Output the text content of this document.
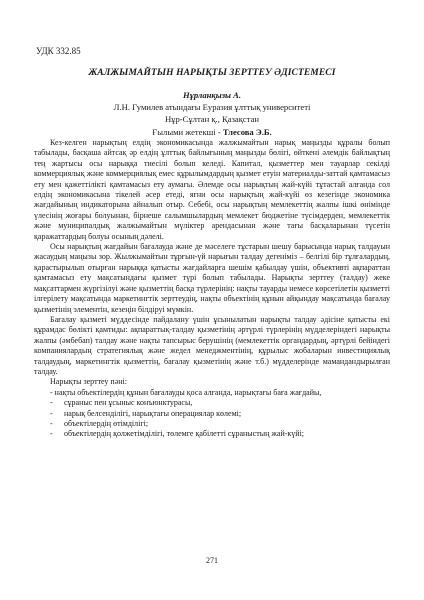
УДК 332.85
ЖАЛЖЫМАЙТЫН НАРЫҚТЫ ЗЕРТТЕУ ӘДІСТЕМЕСІ
Нұрланқызы А.
Л.Н. Гумилев атындағы Еуразия ұлттық университеті
Нұр-Сұлтан қ., Қазақстан
Ғылыми жетекші - Тлесова Э.Б.

Кез-келген нарықтың елдің экономикасында жалжымайтын нарық маңызды құралы болып табылады, басқаша айтсақ әр елдің ұлттық байлығының маңызды бөлігі, өйткені әлемдік байлықтың тең жартысы осы нарыққа тиесілі болып келеді. Капитал, қызметтер мен тауарлар секілді коммерциялық және коммерциялық емес құрылымдардың қызмет етуін материалды-заттай қамтамасыз ету мен қажеттілікті қамтамасыз ету аумағы. Әлемде осы нарықтың жай-күйі тұтастай алғанда сол елдің экономикасына тікелей әсер етеді, яғни осы нарықтың жай-күйі өз кезегінде экономика жағдайының индикаторына айналып отыр. Себебі, осы нарықтың мемлекеттің жалпы ішкі өнімінде үлесінің жоғары болуынан, бірнеше салымшылардың мемлекет бюджетіне түсімдерден, мемлекеттік және муниципалдық жалжымайтын мүліктер арендасынан және тағы басқаларынан түсетін қаражаттардың болуы осының дәлелі.

Осы нарықтың жағдайын бағалауда және де мәселеге тұстарын шешу барысында нарық талдауын жасаудың маңызы зор. Жылжымайтын тұрғын-үй нарығын талдау дегеніміз – белгілі бір тұлғалардың, қарастырылып отырған нарыққа қатысты жағдайларға шешім қабылдау үшін, объективті ақпараттан қамтамасыз ету мақсатындағы қызмет түрі болып табылады. Нарықты зерттеу (талдау) жеке мақсаттармен жүргізілуі және қызметтің басқа түрлерінің: нақты тауарды немесе көрсетілетін қызметті ілгерілету мақсатында маркетингтік зерттеудің, нақты объектінің құнын айқындау мақсатында бағалау қызметінің элементін, кезеңін білдіруі мүмкін.

Бағалау қызметі мүддесінде пайдалану үшін ұсынылатын нарықты талдау әдісіне қатысты екі құрамдас бөлікті қамтиды: ақпараттық-талдау қызметінің әртүрлі түрлерінің мүдделеріндегі нарықты жалпы (әмбебап) талдау және нақты тапсырыс берушінің (мемлекеттік органдардың, әртүрлі бейіндегі компаниялардың стратегиялық және жедел менеджментінің, құрылыс жобаларын инвестициялық талдаудың, маркетингтік қызметтің, бағалау қызметінің және т.б.) мүдделерінде мамандандырылған талдау.

Нарықты зерттеу пәні:

- нақты объектілердің құнын бағалауды қоса алғанда, нарықтағы баға жағдайы,
- сұраныс пен ұсыныс конъюнктурасы,
- нарық белсенділігі, нарықтағы операциялар көлемі;
- объектілердің өтімділігі;
- объектілердің қолжетімділігі, төлемге қабілетті сұраныстың жай-күйі;
271
